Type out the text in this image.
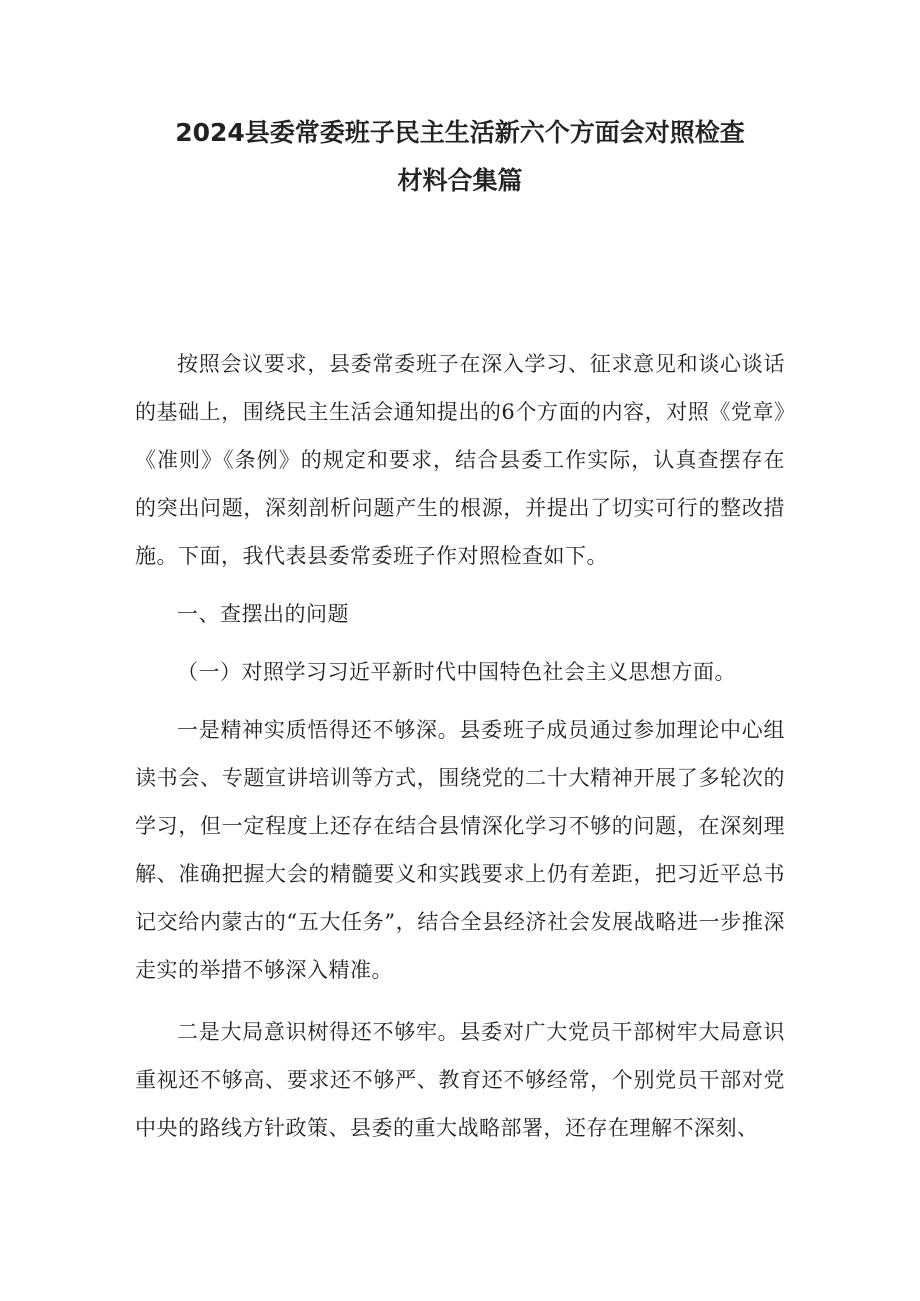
2024县委常委班子民主生活新六个方面会对照检查
材料合集篇

按照会议要求，县委常委班子在深入学习、征求意见和谈心谈话的基础上，围绕民主生活会通知提出的6个方面的内容，对照《党章》《准则》《条例》的规定和要求，结合县委工作实际，认真查摆存在的突出问题，深刻剖析问题产生的根源，并提出了切实可行的整改措施。下面，我代表县委常委班子作对照检查如下。

一、查摆出的问题

（一）对照学习习近平新时代中国特色社会主义思想方面。

一是精神实质悟得还不够深。县委班子成员通过参加理论中心组读书会、专题宣讲培训等方式，围绕党的二十大精神开展了多轮次的学习，但一定程度上还存在结合县情深化学习不够的问题，在深刻理解、准确把握大会的精髓要义和实践要求上仍有差距，把习近平总书记交给内蒙古的“五大任务”，结合全县经济社会发展战略进一步推深走实的举措不够深入精准。

二是大局意识树得还不够牢。县委对广大党员干部树牢大局意识重视还不够高、要求还不够严、教育还不够经常，个别党员干部对党中央的路线方针政策、县委的重大战略部署，还存在理解不深刻、
